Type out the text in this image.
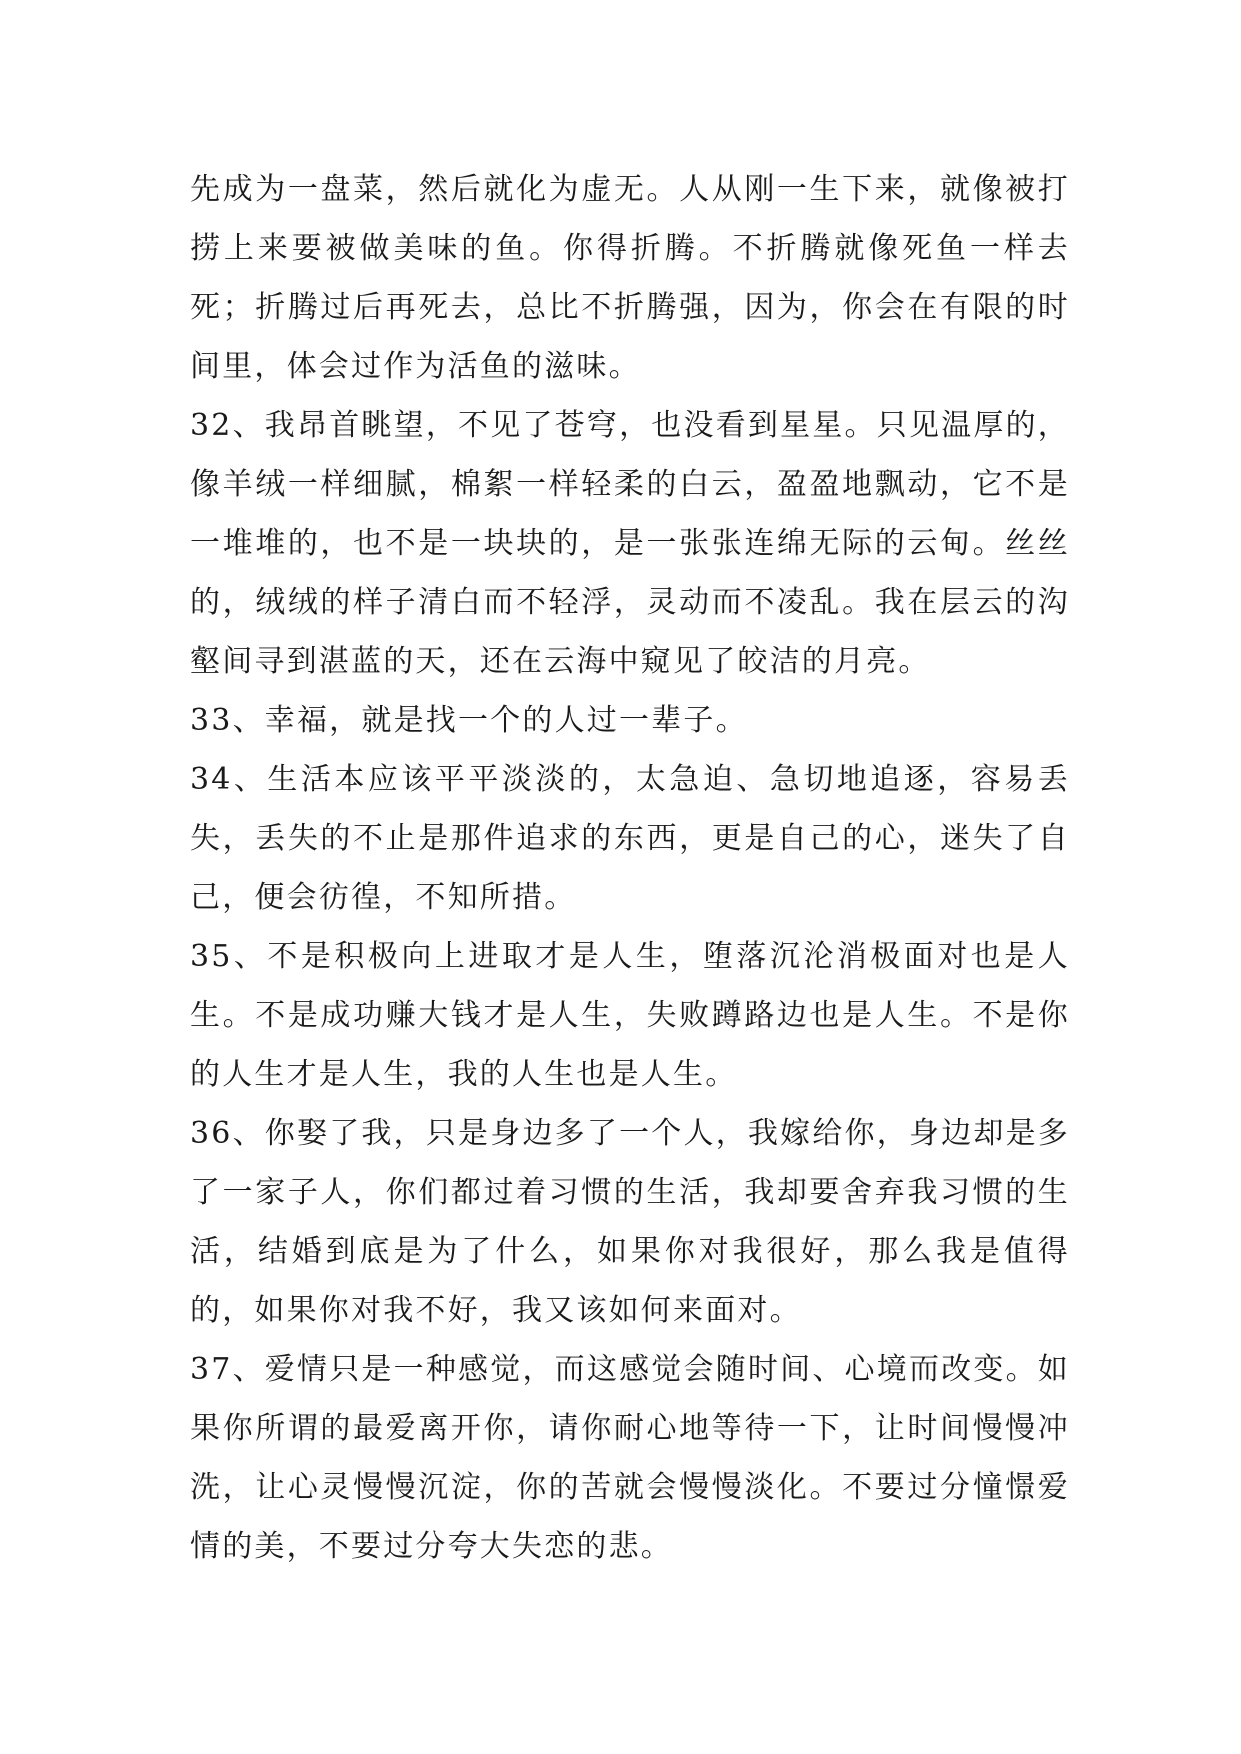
先成为一盘菜，然后就化为虚无。人从刚一生下来，就像被打捞上来要被做美味的鱼。你得折腾。不折腾就像死鱼一样去死；折腾过后再死去，总比不折腾强，因为，你会在有限的时间里，体会过作为活鱼的滋味。

32、我昂首眺望，不见了苍穹，也没看到星星。只见温厚的，像羊绒一样细腻，棉絮一样轻柔的白云，盈盈地飘动，它不是一堆堆的，也不是一块块的，是一张张连绵无际的云甸。丝丝的，绒绒的样子清白而不轻浮，灵动而不凌乱。我在层云的沟壑间寻到湛蓝的天，还在云海中窥见了皎洁的月亮。

33、幸福，就是找一个的人过一辈子。

34、生活本应该平平淡淡的，太急迫、急切地追逐，容易丢失，丢失的不止是那件追求的东西，更是自己的心，迷失了自己，便会彷徨，不知所措。

35、不是积极向上进取才是人生，堕落沉沦消极面对也是人生。不是成功赚大钱才是人生，失败蹲路边也是人生。不是你的人生才是人生，我的人生也是人生。

36、你娶了我，只是身边多了一个人，我嫁给你，身边却是多了一家子人，你们都过着习惯的生活，我却要舍弃我习惯的生活，结婚到底是为了什么，如果你对我很好，那么我是值得的，如果你对我不好，我又该如何来面对。

37、爱情只是一种感觉，而这感觉会随时间、心境而改变。如果你所谓的最爱离开你，请你耐心地等待一下，让时间慢慢冲洗，让心灵慢慢沉淀，你的苦就会慢慢淡化。不要过分憧憬爱情的美，不要过分夸大失恋的悲。
